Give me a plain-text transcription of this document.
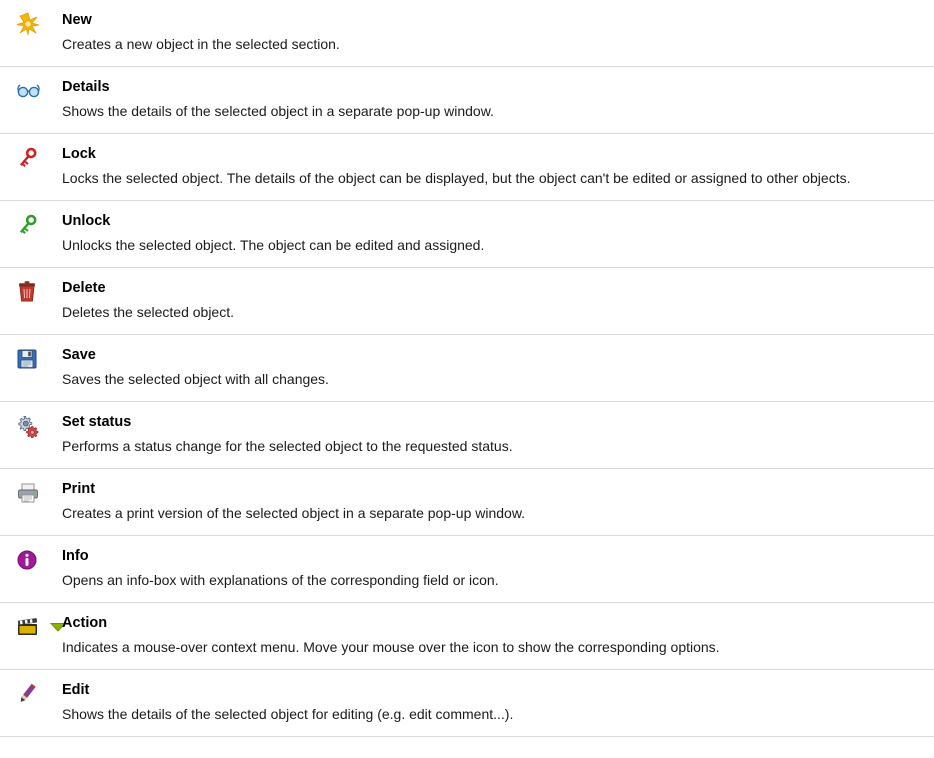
New
Creates a new object in the selected section.

Details
Shows the details of the selected object in a separate pop-up window.

Lock
Locks the selected object. The details of the object can be displayed, but the object can't be edited or assigned to other objects.

Unlock
Unlocks the selected object. The object can be edited and assigned.

Delete
Deletes the selected object.

Save
Saves the selected object with all changes.

Set status
Performs a status change for the selected object to the requested status.

Print
Creates a print version of the selected object in a separate pop-up window.

Info
Opens an info-box with explanations of the corresponding field or icon.

Action
Indicates a mouse-over context menu. Move your mouse over the icon to show the corresponding options.

Edit
Shows the details of the selected object for editing (e.g. edit comment...).
